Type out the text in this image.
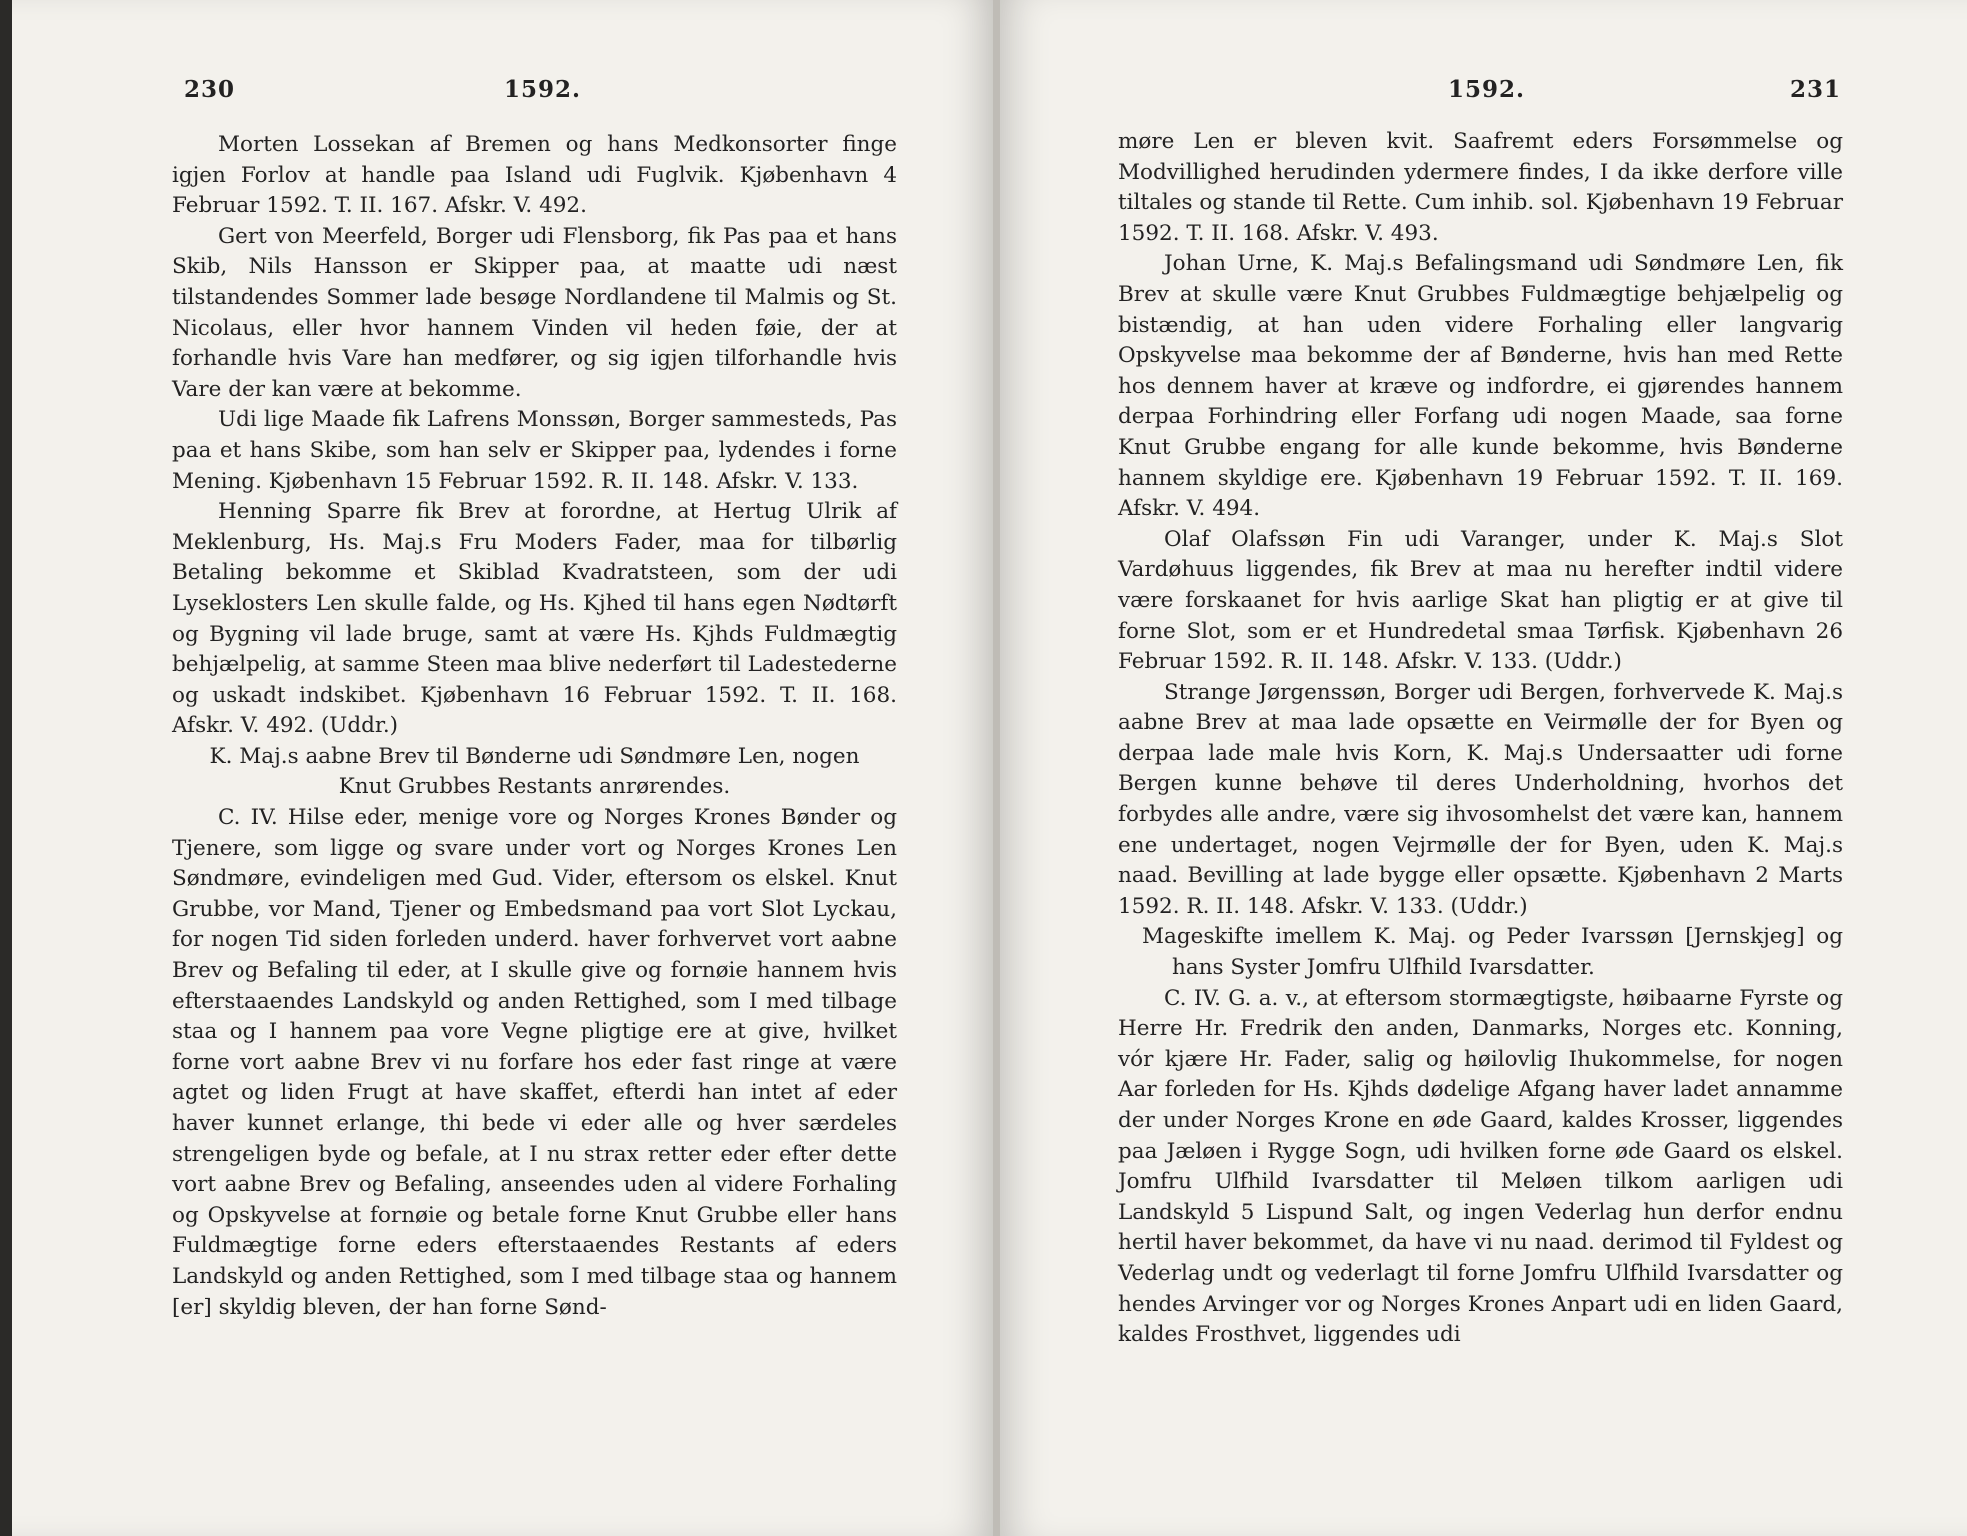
230	1592.

Morten Lossekan af Bremen og hans Medkonsorter finge igjen Forlov at handle paa Island udi Fuglvik. Kjøbenhavn 4 Februar 1592. T. II. 167. Afskr. V. 492.

Gert von Meerfeld, Borger udi Flensborg, fik Pas paa et hans Skib, Nils Hansson er Skipper paa, at maatte udi næst tilstandendes Sommer lade besøge Nordlandene til Malmis og St. Nicolaus, eller hvor hannem Vinden vil heden føie, der at forhandle hvis Vare han medfører, og sig igjen tilforhandle hvis Vare der kan være at bekomme.

Udi lige Maade fik Lafrens Monssøn, Borger sammesteds, Pas paa et hans Skibe, som han selv er Skipper paa, lydendes i forne Mening. Kjøbenhavn 15 Februar 1592. R. II. 148. Afskr. V. 133.

Henning Sparre fik Brev at forordne, at Hertug Ulrik af Meklenburg, Hs. Maj.s Fru Moders Fader, maa for tilbørlig Betaling bekomme et Skiblad Kvadratsteen, som der udi Lyseklosters Len skulle falde, og Hs. Kjhed til hans egen Nødtørft og Bygning vil lade bruge, samt at være Hs. Kjhds Fuldmægtig behjælpelig, at samme Steen maa blive nederført til Ladestederne og uskadt indskibet. Kjøbenhavn 16 Februar 1592. T. II. 168. Afskr. V. 492. (Uddr.)

K. Maj.s aabne Brev til Bønderne udi Søndmøre Len, nogen Knut Grubbes Restants anrørendes.

C. IV. Hilse eder, menige vore og Norges Krones Bønder og Tjenere, som ligge og svare under vort og Norges Krones Len Søndmøre, evindeligen med Gud. Vider, eftersom os elskel. Knut Grubbe, vor Mand, Tjener og Embedsmand paa vort Slot Lyckau, for nogen Tid siden forleden underd. haver forhvervet vort aabne Brev og Befaling til eder, at I skulle give og fornøie hannem hvis efterstaaendes Landskyld og anden Rettighed, som I med tilbage staa og I hannem paa vore Vegne pligtige ere at give, hvilket forne vort aabne Brev vi nu forfare hos eder fast ringe at være agtet og liden Frugt at have skaffet, efterdi han intet af eder haver kunnet erlange, thi bede vi eder alle og hver særdeles strengeligen byde og befale, at I nu strax retter eder efter dette vort aabne Brev og Befaling, anseendes uden al videre Forhaling og Opskyvelse at fornøie og betale forne Knut Grubbe eller hans Fuldmægtige forne eders efterstaaendes Restants af eders Landskyld og anden Rettighed, som I med tilbage staa og hannem [er] skyldig bleven, der han forne Sønd-

1592.	231

møre Len er bleven kvit. Saafremt eders Forsømmelse og Modvillighed herudinden ydermere findes, I da ikke derfore ville tiltales og stande til Rette. Cum inhib. sol. Kjøbenhavn 19 Februar 1592. T. II. 168. Afskr. V. 493.

Johan Urne, K. Maj.s Befalingsmand udi Søndmøre Len, fik Brev at skulle være Knut Grubbes Fuldmægtige behjælpelig og bistændig, at han uden videre Forhaling eller langvarig Opskyvelse maa bekomme der af Bønderne, hvis han med Rette hos dennem haver at kræve og indfordre, ei gjørendes hannem derpaa Forhindring eller Forfang udi nogen Maade, saa forne Knut Grubbe engang for alle kunde bekomme, hvis Bønderne hannem skyldige ere. Kjøbenhavn 19 Februar 1592. T. II. 169. Afskr. V. 494.

Olaf Olafssøn Fin udi Varanger, under K. Maj.s Slot Vardøhuus liggendes, fik Brev at maa nu herefter indtil videre være forskaanet for hvis aarlige Skat han pligtig er at give til forne Slot, som er et Hundredetal smaa Tørfisk. Kjøbenhavn 26 Februar 1592. R. II. 148. Afskr. V. 133. (Uddr.)

Strange Jørgenssøn, Borger udi Bergen, forhvervede K. Maj.s aabne Brev at maa lade opsætte en Veirmølle der for Byen og derpaa lade male hvis Korn, K. Maj.s Undersaatter udi forne Bergen kunne behøve til deres Underholdning, hvorhos det forbydes alle andre, være sig ihvosomhelst det være kan, hannem ene undertaget, nogen Vejrmølle der for Byen, uden K. Maj.s naad. Bevilling at lade bygge eller opsætte. Kjøbenhavn 2 Marts 1592. R. II. 148. Afskr. V. 133. (Uddr.)

Mageskifte imellem K. Maj. og Peder Ivarssøn [Jernskjeg] og hans Syster Jomfru Ulfhild Ivarsdatter.

C. IV. G. a. v., at eftersom stormægtigste, høibaarne Fyrste og Herre Hr. Fredrik den anden, Danmarks, Norges etc. Konning, vór kjære Hr. Fader, salig og høilovlig Ihukommelse, for nogen Aar forleden for Hs. Kjhds dødelige Afgang haver ladet annamme der under Norges Krone en øde Gaard, kaldes Krosser, liggendes paa Jæløen i Rygge Sogn, udi hvilken forne øde Gaard os elskel. Jomfru Ulfhild Ivarsdatter til Meløen tilkom aarligen udi Landskyld 5 Lispund Salt, og ingen Vederlag hun derfor endnu hertil haver bekommet, da have vi nu naad. derimod til Fyldest og Vederlag undt og vederlagt til forne Jomfru Ulfhild Ivarsdatter og hendes Arvinger vor og Norges Krones Anpart udi en liden Gaard, kaldes Frosthvet, liggendes udi
